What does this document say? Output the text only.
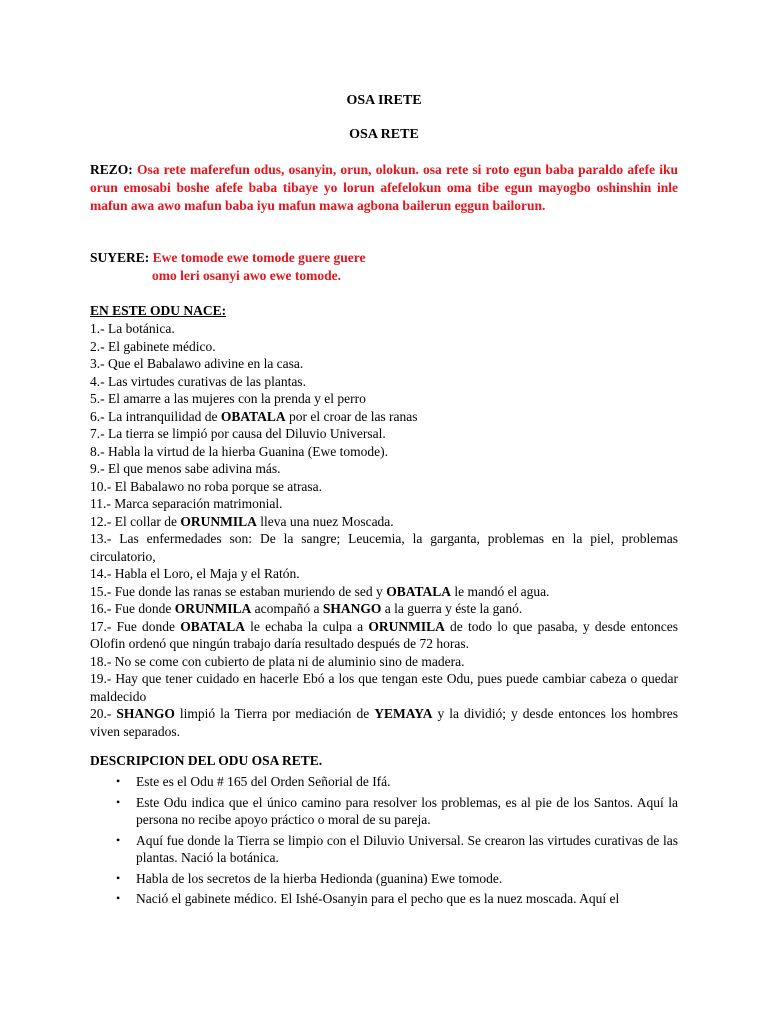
OSA IRETE
OSA RETE
REZO: Osa rete maferefun odus, osanyin, orun, olokun. osa rete si roto egun baba paraldo afefe iku orun emosabi boshe afefe baba tibaye yo lorun afefelokun oma tibe egun mayogbo oshinshin inle mafun awa awo mafun baba iyu mafun mawa agbona bailerun eggun bailorun.
SUYERE: Ewe tomode ewe tomode guere guere
omo leri osanyi awo ewe tomode.
EN ESTE ODU NACE:
1.- La botánica.
2.- El gabinete médico.
3.- Que el Babalawo adivine en la casa.
4.- Las virtudes curativas de las plantas.
5.- El amarre a las mujeres con la prenda y el perro
6.- La intranquilidad de OBATALA por el croar de las ranas
7.- La tierra se limpió por causa del Diluvio Universal.
8.- Habla la virtud de la hierba Guanina (Ewe tomode).
9.- El que menos sabe adivina más.
10.- El Babalawo no roba porque se atrasa.
11.- Marca separación matrimonial.
12.- El collar de ORUNMILA lleva una nuez Moscada.
13.- Las enfermedades son: De la sangre; Leucemia, la garganta, problemas en la piel, problemas circulatorio,
14.- Habla el Loro, el Maja y el Ratón.
15.- Fue donde las ranas se estaban muriendo de sed y OBATALA le mandó el agua.
16.- Fue donde ORUNMILA acompañó a SHANGO a la guerra y éste la ganó.
17.- Fue donde OBATALA le echaba la culpa a ORUNMILA de todo lo que pasaba, y desde entonces Olofin ordenó que ningún trabajo daría resultado después de 72 horas.
18.- No se come con cubierto de plata ni de aluminio sino de madera.
19.- Hay que tener cuidado en hacerle Ebó a los que tengan este Odu, pues puede cambiar cabeza o quedar maldecido
20.- SHANGO limpió la Tierra por mediación de YEMAYA y la dividió; y desde entonces los hombres viven separados.
DESCRIPCION DEL ODU OSA RETE.
• Este es el Odu # 165 del Orden Señorial de Ifá.
• Este Odu indica que el único camino para resolver los problemas, es al pie de los Santos. Aquí la persona no recibe apoyo práctico o moral de su pareja.
• Aquí fue donde la Tierra se limpio con el Diluvio Universal. Se crearon las virtudes curativas de las plantas. Nació la botánica.
• Habla de los secretos de la hierba Hedionda (guanina) Ewe tomode.
• Nació el gabinete médico. El Ishé-Osanyin para el pecho que es la nuez moscada. Aquí el
